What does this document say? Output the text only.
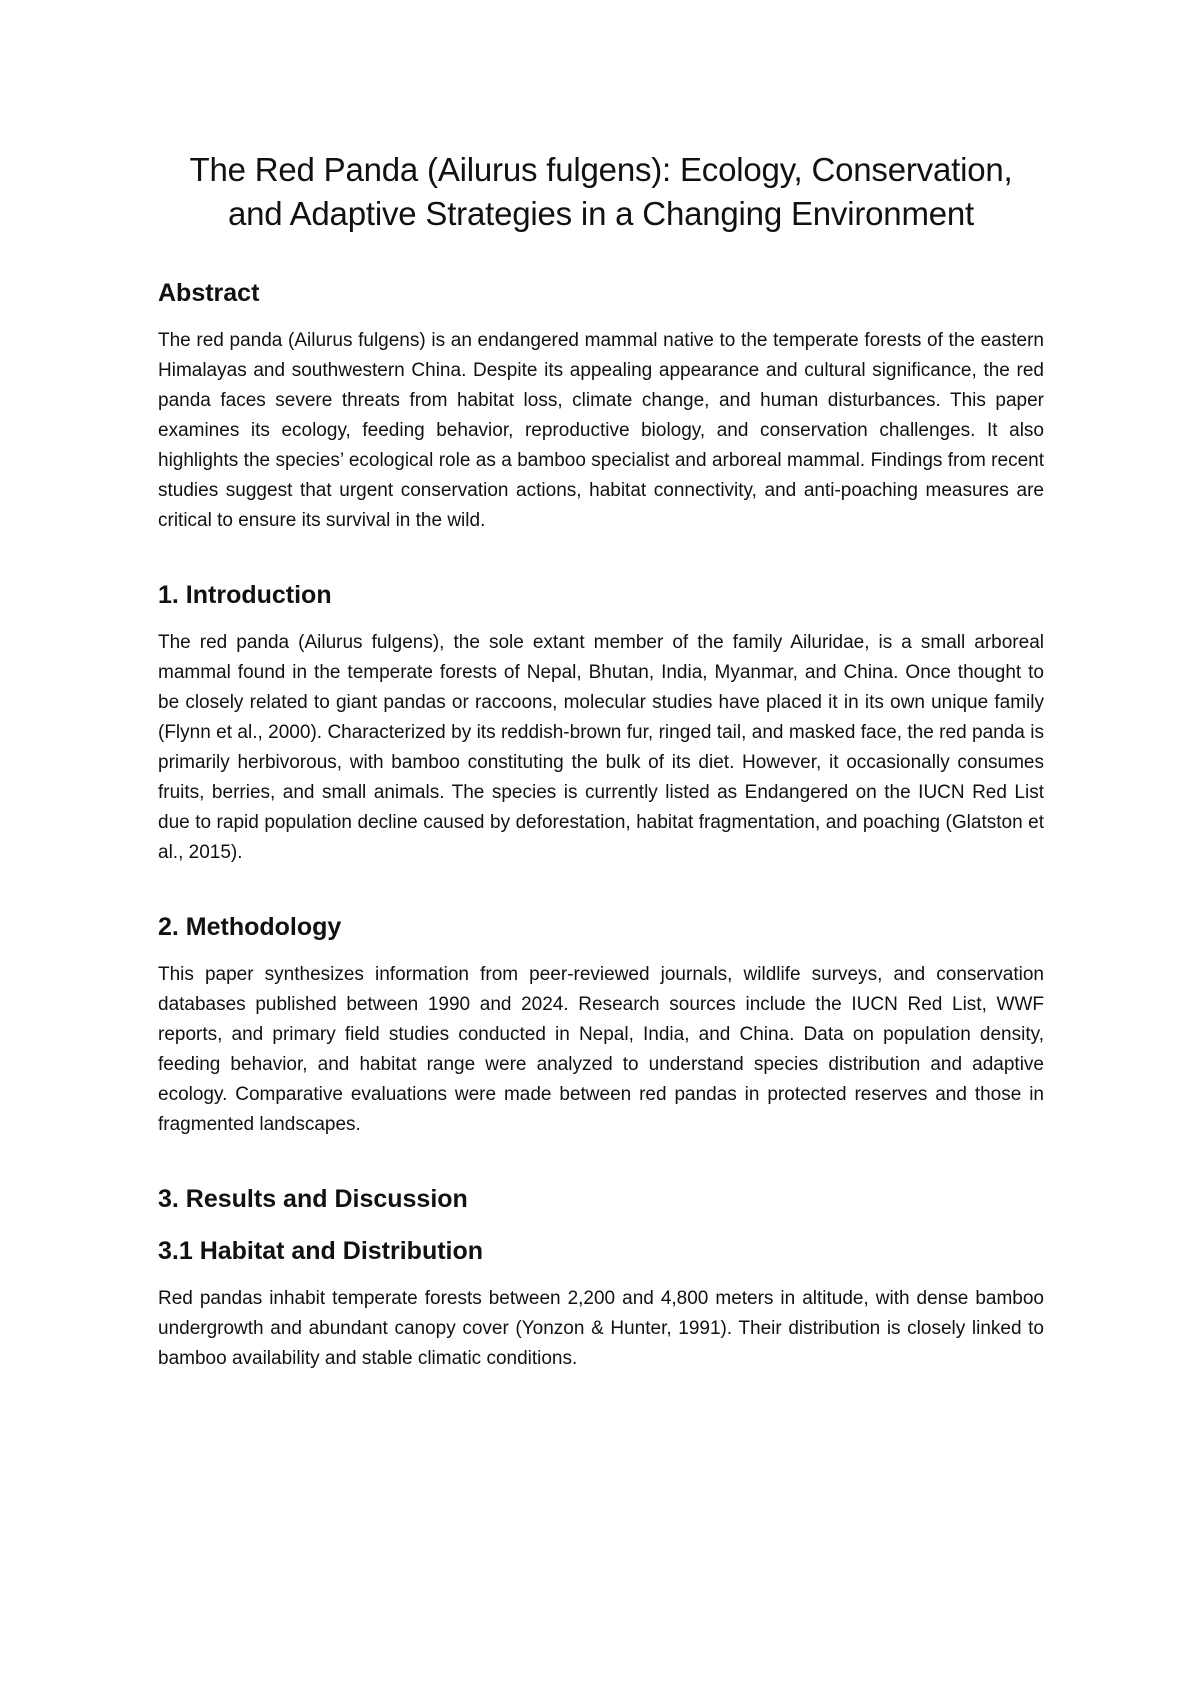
The Red Panda (Ailurus fulgens): Ecology, Conservation, and Adaptive Strategies in a Changing Environment
Abstract

The red panda (Ailurus fulgens) is an endangered mammal native to the temperate forests of the eastern Himalayas and southwestern China. Despite its appealing appearance and cultural significance, the red panda faces severe threats from habitat loss, climate change, and human disturbances. This paper examines its ecology, feeding behavior, reproductive biology, and conservation challenges. It also highlights the species’ ecological role as a bamboo specialist and arboreal mammal. Findings from recent studies suggest that urgent conservation actions, habitat connectivity, and anti-poaching measures are critical to ensure its survival in the wild.

1. Introduction

The red panda (Ailurus fulgens), the sole extant member of the family Ailuridae, is a small arboreal mammal found in the temperate forests of Nepal, Bhutan, India, Myanmar, and China. Once thought to be closely related to giant pandas or raccoons, molecular studies have placed it in its own unique family (Flynn et al., 2000). Characterized by its reddish-brown fur, ringed tail, and masked face, the red panda is primarily herbivorous, with bamboo constituting the bulk of its diet. However, it occasionally consumes fruits, berries, and small animals. The species is currently listed as Endangered on the IUCN Red List due to rapid population decline caused by deforestation, habitat fragmentation, and poaching (Glatston et al., 2015).

2. Methodology

This paper synthesizes information from peer-reviewed journals, wildlife surveys, and conservation databases published between 1990 and 2024. Research sources include the IUCN Red List, WWF reports, and primary field studies conducted in Nepal, India, and China. Data on population density, feeding behavior, and habitat range were analyzed to understand species distribution and adaptive ecology. Comparative evaluations were made between red pandas in protected reserves and those in fragmented landscapes.

3. Results and Discussion
3.1 Habitat and Distribution

Red pandas inhabit temperate forests between 2,200 and 4,800 meters in altitude, with dense bamboo undergrowth and abundant canopy cover (Yonzon & Hunter, 1991). Their distribution is closely linked to bamboo availability and stable climatic conditions.
